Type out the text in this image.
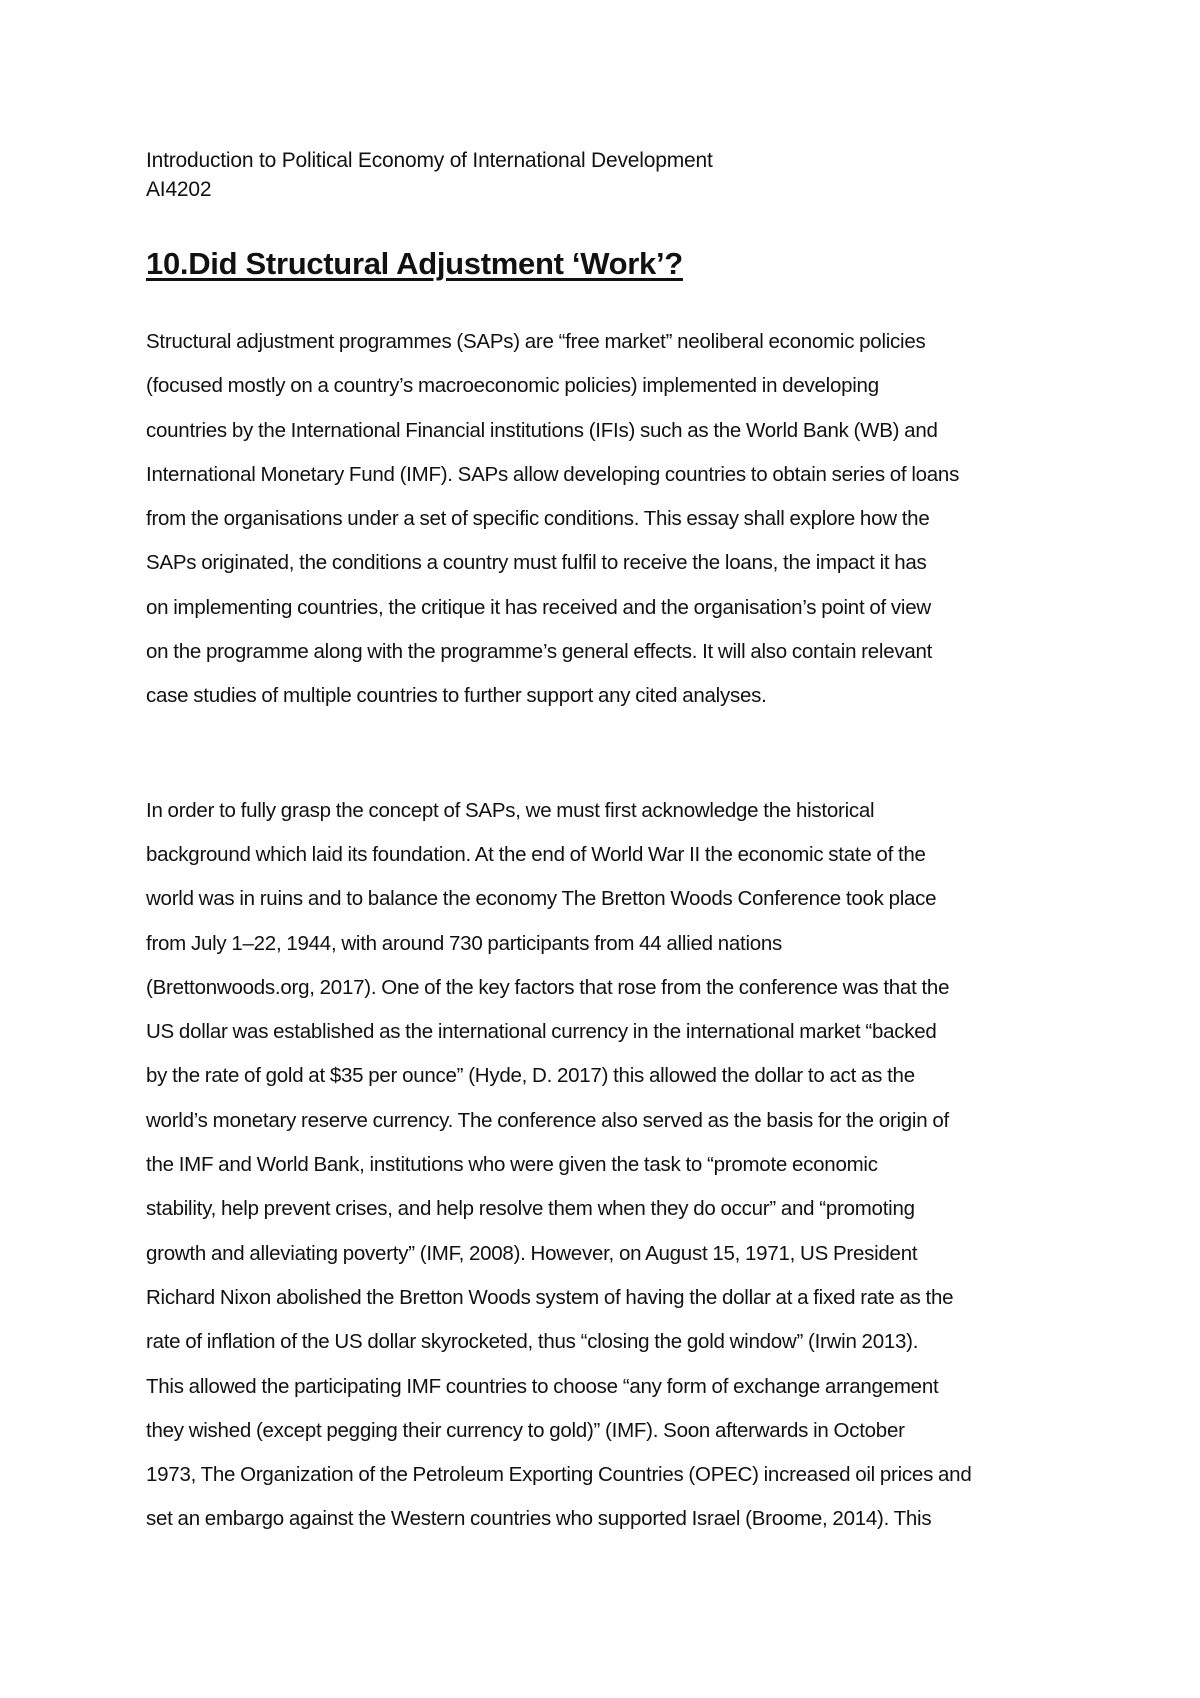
Introduction to Political Economy of International Development

AI4202

10.Did Structural Adjustment ‘Work’?

Structural adjustment programmes (SAPs) are “free market” neoliberal economic policies
(focused mostly on a country’s macroeconomic policies) implemented in developing
countries by the International Financial institutions (IFIs) such as the World Bank (WB) and
International Monetary Fund (IMF). SAPs allow developing countries to obtain series of loans
from the organisations under a set of specific conditions. This essay shall explore how the
SAPs originated, the conditions a country must fulfil to receive the loans, the impact it has
on implementing countries, the critique it has received and the organisation’s point of view
on the programme along with the programme’s general effects. It will also contain relevant
case studies of multiple countries to further support any cited analyses.

In order to fully grasp the concept of SAPs, we must first acknowledge the historical
background which laid its foundation. At the end of World War II the economic state of the
world was in ruins and to balance the economy The Bretton Woods Conference took place
from July 1–22, 1944, with around 730 participants from 44 allied nations
(Brettonwoods.org, 2017). One of the key factors that rose from the conference was that the
US dollar was established as the international currency in the international market “backed
by the rate of gold at $35 per ounce” (Hyde, D. 2017) this allowed the dollar to act as the
world’s monetary reserve currency. The conference also served as the basis for the origin of
the IMF and World Bank, institutions who were given the task to “promote economic
stability, help prevent crises, and help resolve them when they do occur” and “promoting
growth and alleviating poverty” (IMF, 2008). However, on August 15, 1971, US President
Richard Nixon abolished the Bretton Woods system of having the dollar at a fixed rate as the
rate of inflation of the US dollar skyrocketed, thus “closing the gold window” (Irwin 2013).
This allowed the participating IMF countries to choose “any form of exchange arrangement
they wished (except pegging their currency to gold)” (IMF). Soon afterwards in October
1973, The Organization of the Petroleum Exporting Countries (OPEC) increased oil prices and
set an embargo against the Western countries who supported Israel (Broome, 2014). This
